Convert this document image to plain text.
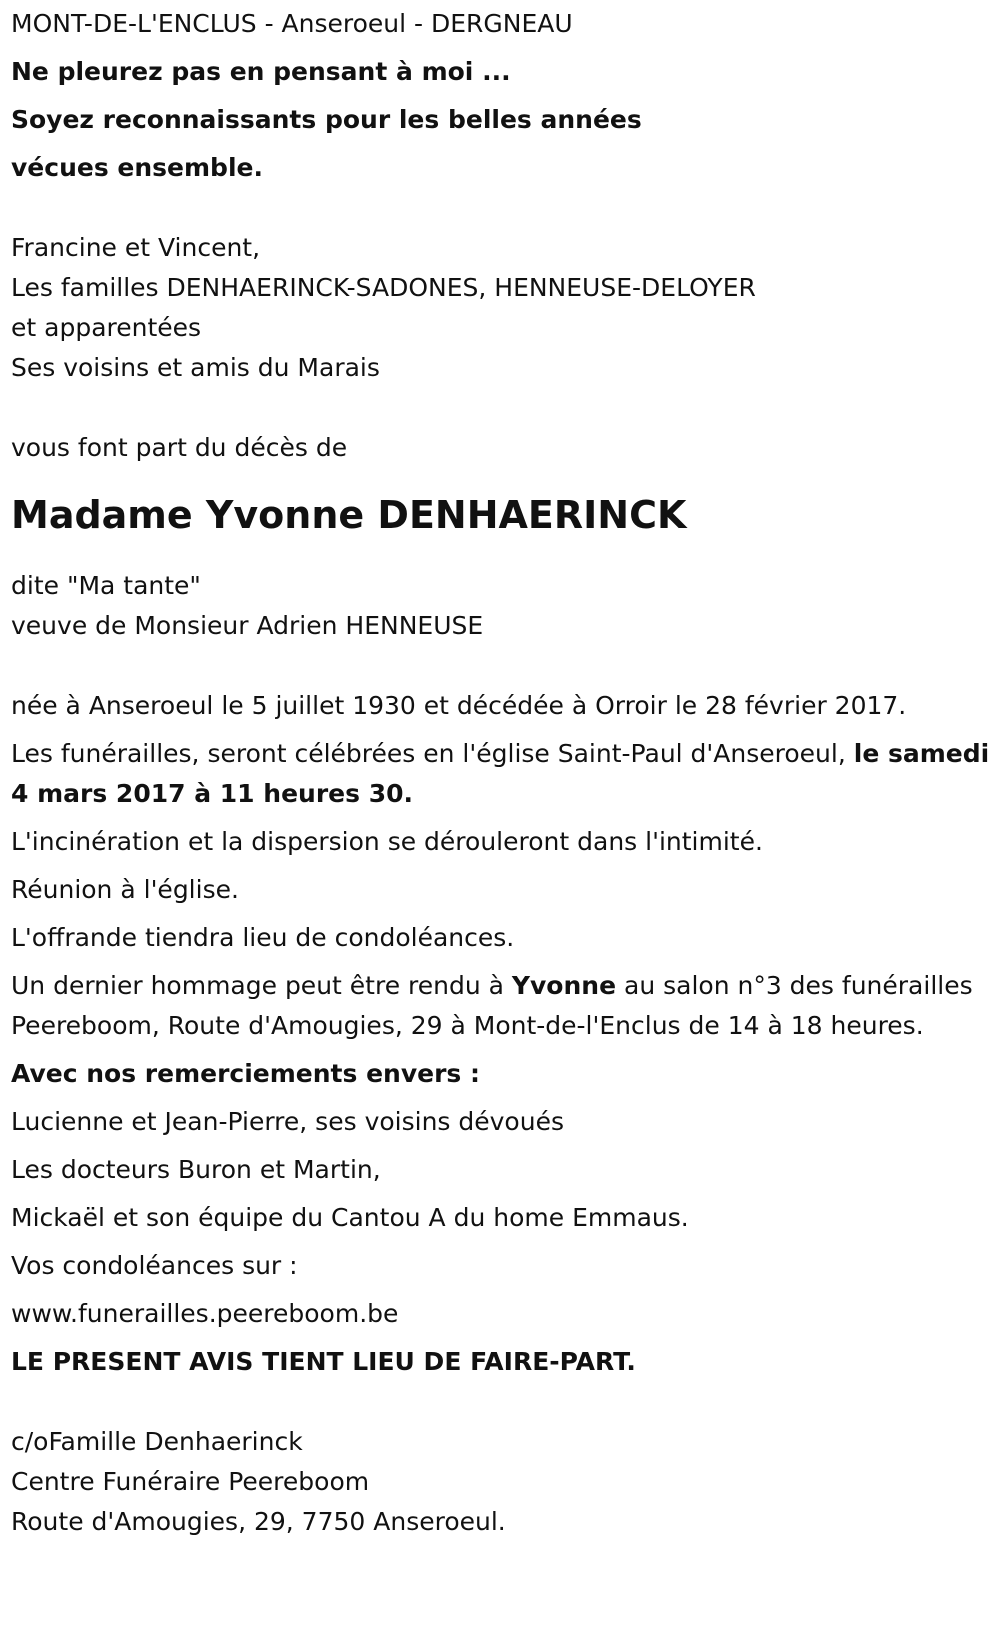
MONT-DE-L'ENCLUS - Anseroeul - DERGNEAU

Ne pleurez pas en pensant à moi ...

Soyez reconnaissants pour les belles années

vécues ensemble.

Francine et Vincent,

Les familles DENHAERINCK-SADONES, HENNEUSE-DELOYER

et apparentées

Ses voisins et amis du Marais

vous font part du décès de

Madame Yvonne DENHAERINCK

dite "Ma tante"

veuve de Monsieur Adrien HENNEUSE

née à Anseroeul le 5 juillet 1930 et décédée à Orroir le 28 février 2017.

Les funérailles, seront célébrées en l'église Saint-Paul d'Anseroeul, le samedi 4 mars 2017 à 11 heures 30.

L'incinération et la dispersion se dérouleront dans l'intimité.

Réunion à l'église.

L'offrande tiendra lieu de condoléances.

Un dernier hommage peut être rendu à Yvonne au salon n°3 des funérailles Peereboom, Route d'Amougies, 29 à Mont-de-l'Enclus de 14 à 18 heures.

Avec nos remerciements envers :

Lucienne et Jean-Pierre, ses voisins dévoués

Les docteurs Buron et Martin,

Mickaël et son équipe du Cantou A du home Emmaus.

Vos condoléances sur :

www.funerailles.peereboom.be

LE PRESENT AVIS TIENT LIEU DE FAIRE-PART.

c/oFamille Denhaerinck

Centre Funéraire Peereboom

Route d'Amougies, 29, 7750 Anseroeul.
